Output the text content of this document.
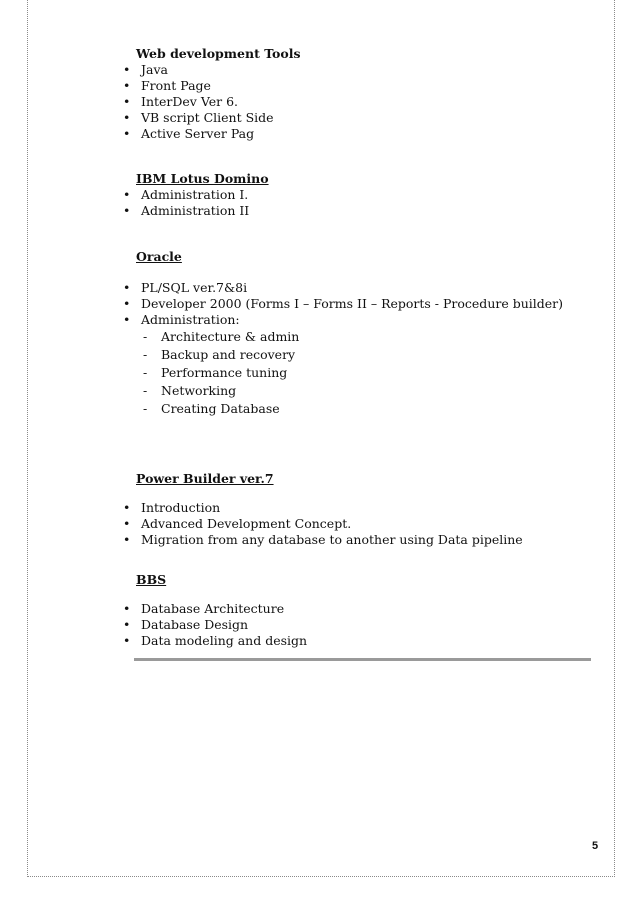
Web development Tools
• Java
• Front Page
• InterDev Ver 6.
• VB script Client Side
• Active Server Pag
IBM Lotus Domino
• Administration I.
• Administration II
Oracle
• PL/SQL ver.7&8i
• Developer 2000 (Forms I – Forms II – Reports - Procedure builder)
• Administration:
- Architecture & admin
- Backup and recovery
- Performance tuning
- Networking
- Creating Database
Power Builder ver.7
• Introduction
• Advanced Development Concept.
• Migration from any database to another using Data pipeline
BBS
• Database Architecture
• Database Design
• Data modeling and design
5
